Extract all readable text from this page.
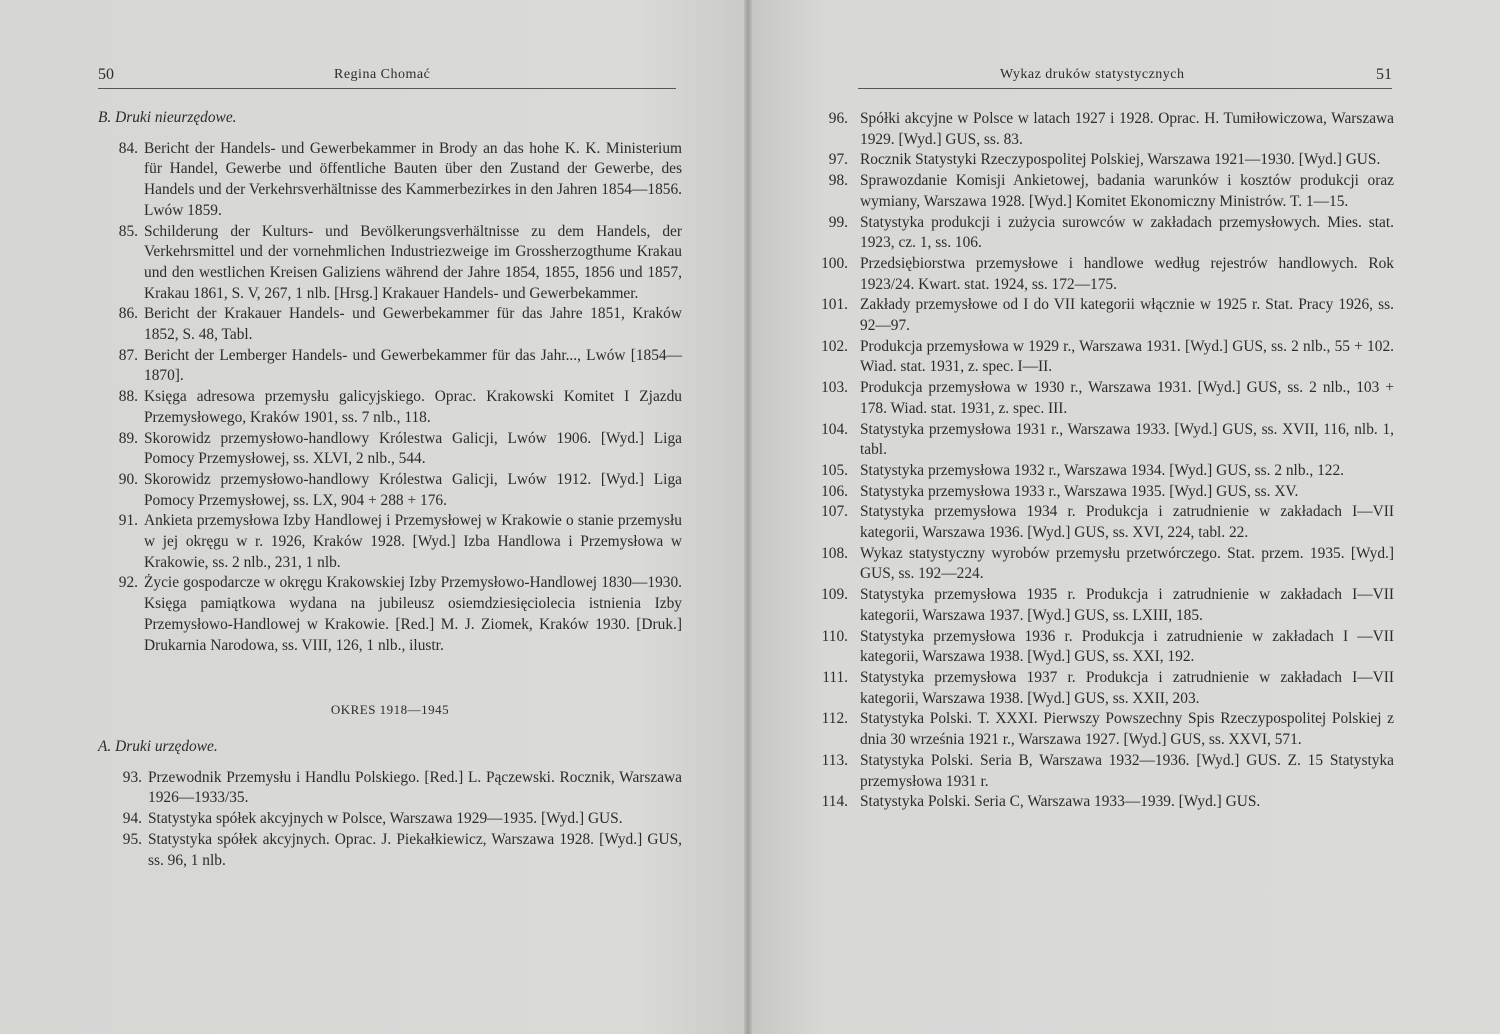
50	Regina Chomać

B. Druki nieurzędowe.

84. Bericht der Handels- und Gewerbekammer in Brody an das hohe K. K. Ministerium für Handel, Gewerbe und öffentliche Bauten über den Zustand der Gewerbe, des Handels und der Verkehrsverhältnisse des Kammerbezirkes in den Jahren 1854—1856. Lwów 1859.

85. Schilderung der Kulturs- und Bevölkerungsverhältnisse zu dem Handels, der Verkehrsmittel und der vornehmlichen Industriezweige im Grossherzogthume Krakau und den westlichen Kreisen Galiziens während der Jahre 1854, 1855, 1856 und 1857, Krakau 1861, S. V, 267, 1 nlb. [Hrsg.] Krakauer Handels- und Gewerbekammer.

86. Bericht der Krakauer Handels- und Gewerbekammer für das Jahre 1851, Kraków 1852, S. 48, Tabl.

87. Bericht der Lemberger Handels- und Gewerbekammer für das Jahr..., Lwów [1854—1870].

88. Księga adresowa przemysłu galicyjskiego. Oprac. Krakowski Komitet I Zjazdu Przemysłowego, Kraków 1901, ss. 7 nlb., 118.

89. Skorowidz przemysłowo-handlowy Królestwa Galicji, Lwów 1906. [Wyd.] Liga Pomocy Przemysłowej, ss. XLVI, 2 nlb., 544.

90. Skorowidz przemysłowo-handlowy Królestwa Galicji, Lwów 1912. [Wyd.] Liga Pomocy Przemysłowej, ss. LX, 904 + 288 + 176.

91. Ankieta przemysłowa Izby Handlowej i Przemysłowej w Krakowie o stanie przemysłu w jej okręgu w r. 1926, Kraków 1928. [Wyd.] Izba Handlowa i Przemysłowa w Krakowie, ss. 2 nlb., 231, 1 nlb.

92. Życie gospodarcze w okręgu Krakowskiej Izby Przemysłowo-Handlowej 1830—1930. Księga pamiątkowa wydana na jubileusz osiemdziesięciolecia istnienia Izby Przemysłowo-Handlowej w Krakowie. [Red.] M. J. Ziomek, Kraków 1930. [Druk.] Drukarnia Narodowa, ss. VIII, 126, 1 nlb., ilustr.

OKRES 1918—1945

A. Druki urzędowe.

93. Przewodnik Przemysłu i Handlu Polskiego. [Red.] L. Pączewski. Rocznik, Warszawa 1926—1933/35.

94. Statystyka spółek akcyjnych w Polsce, Warszawa 1929—1935. [Wyd.] GUS.

95. Statystyka spółek akcyjnych. Oprac. J. Piekałkiewicz, Warszawa 1928. [Wyd.] GUS, ss. 96, 1 nlb.

Wykaz druków statystycznych	51

96. Spółki akcyjne w Polsce w latach 1927 i 1928. Oprac. H. Tumiłowiczowa, Warszawa 1929. [Wyd.] GUS, ss. 83.

97. Rocznik Statystyki Rzeczypospolitej Polskiej, Warszawa 1921—1930. [Wyd.] GUS.

98. Sprawozdanie Komisji Ankietowej, badania warunków i kosztów produkcji oraz wymiany, Warszawa 1928. [Wyd.] Komitet Ekonomiczny Ministrów. T. 1—15.

99. Statystyka produkcji i zużycia surowców w zakładach przemysłowych. Mies. stat. 1923, cz. 1, ss. 106.

100. Przedsiębiorstwa przemysłowe i handlowe według rejestrów handlowych. Rok 1923/24. Kwart. stat. 1924, ss. 172—175.

101. Zakłady przemysłowe od I do VII kategorii włącznie w 1925 r. Stat. Pracy 1926, ss. 92—97.

102. Produkcja przemysłowa w 1929 r., Warszawa 1931. [Wyd.] GUS, ss. 2 nlb., 55 + 102. Wiad. stat. 1931, z. spec. I—II.

103. Produkcja przemysłowa w 1930 r., Warszawa 1931. [Wyd.] GUS, ss. 2 nlb., 103 + 178. Wiad. stat. 1931, z. spec. III.

104. Statystyka przemysłowa 1931 r., Warszawa 1933. [Wyd.] GUS, ss. XVII, 116, nlb. 1, tabl.

105. Statystyka przemysłowa 1932 r., Warszawa 1934. [Wyd.] GUS, ss. 2 nlb., 122.

106. Statystyka przemysłowa 1933 r., Warszawa 1935. [Wyd.] GUS, ss. XV.

107. Statystyka przemysłowa 1934 r. Produkcja i zatrudnienie w zakładach I—VII kategorii, Warszawa 1936. [Wyd.] GUS, ss. XVI, 224, tabl. 22.

108. Wykaz statystyczny wyrobów przemysłu przetwórczego. Stat. przem. 1935. [Wyd.] GUS, ss. 192—224.

109. Statystyka przemysłowa 1935 r. Produkcja i zatrudnienie w zakładach I—VII kategorii, Warszawa 1937. [Wyd.] GUS, ss. LXIII, 185.

110. Statystyka przemysłowa 1936 r. Produkcja i zatrudnienie w zakładach I —VII kategorii, Warszawa 1938. [Wyd.] GUS, ss. XXI, 192.

111. Statystyka przemysłowa 1937 r. Produkcja i zatrudnienie w zakładach I—VII kategorii, Warszawa 1938. [Wyd.] GUS, ss. XXII, 203.

112. Statystyka Polski. T. XXXI. Pierwszy Powszechny Spis Rzeczypospolitej Polskiej z dnia 30 września 1921 r., Warszawa 1927. [Wyd.] GUS, ss. XXVI, 571.

113. Statystyka Polski. Seria B, Warszawa 1932—1936. [Wyd.] GUS. Z. 15 Statystyka przemysłowa 1931 r.

114. Statystyka Polski. Seria C, Warszawa 1933—1939. [Wyd.] GUS.
